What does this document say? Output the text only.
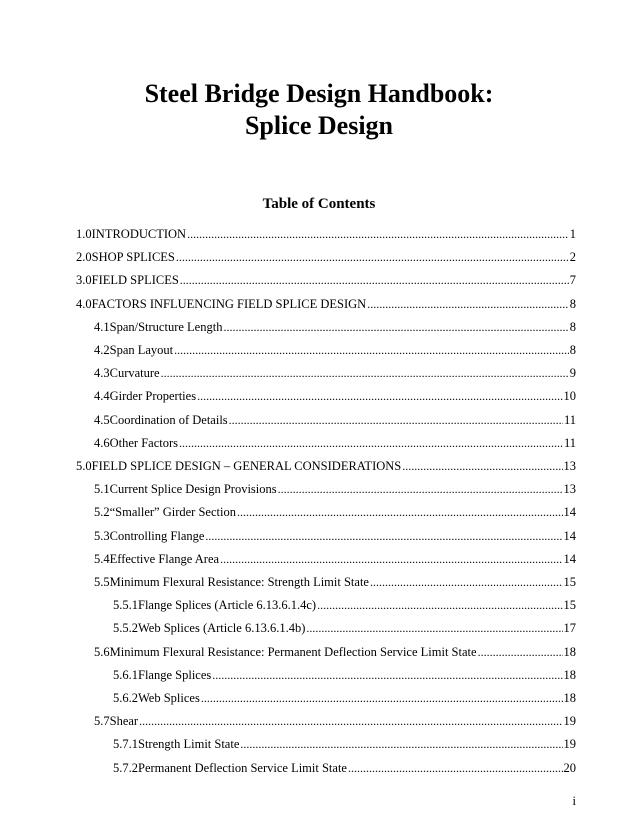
Steel Bridge Design Handbook:
Splice Design
Table of Contents
1.0 INTRODUCTION .....	1
2.0 SHOP SPLICES .....	2
3.0 FIELD SPLICES .....	7
4.0 FACTORS INFLUENCING FIELD SPLICE DESIGN .....	8
4.1 Span/Structure Length .....	8
4.2 Span Layout .....	8
4.3 Curvature .....	9
4.4 Girder Properties .....	10
4.5 Coordination of Details .....	11
4.6 Other Factors .....	11
5.0 FIELD SPLICE DESIGN – GENERAL CONSIDERATIONS .....	13
5.1 Current Splice Design Provisions .....	13
5.2 “Smaller” Girder Section .....	14
5.3 Controlling Flange .....	14
5.4 Effective Flange Area .....	14
5.5 Minimum Flexural Resistance: Strength Limit State .....	15
5.5.1 Flange Splices (Article 6.13.6.1.4c) .....	15
5.5.2 Web Splices (Article 6.13.6.1.4b) .....	17
5.6 Minimum Flexural Resistance: Permanent Deflection Service Limit State .....	18
5.6.1 Flange Splices .....	18
5.6.2 Web Splices .....	18
5.7 Shear .....	19
5.7.1 Strength Limit State .....	19
5.7.2 Permanent Deflection Service Limit State .....	20
i
